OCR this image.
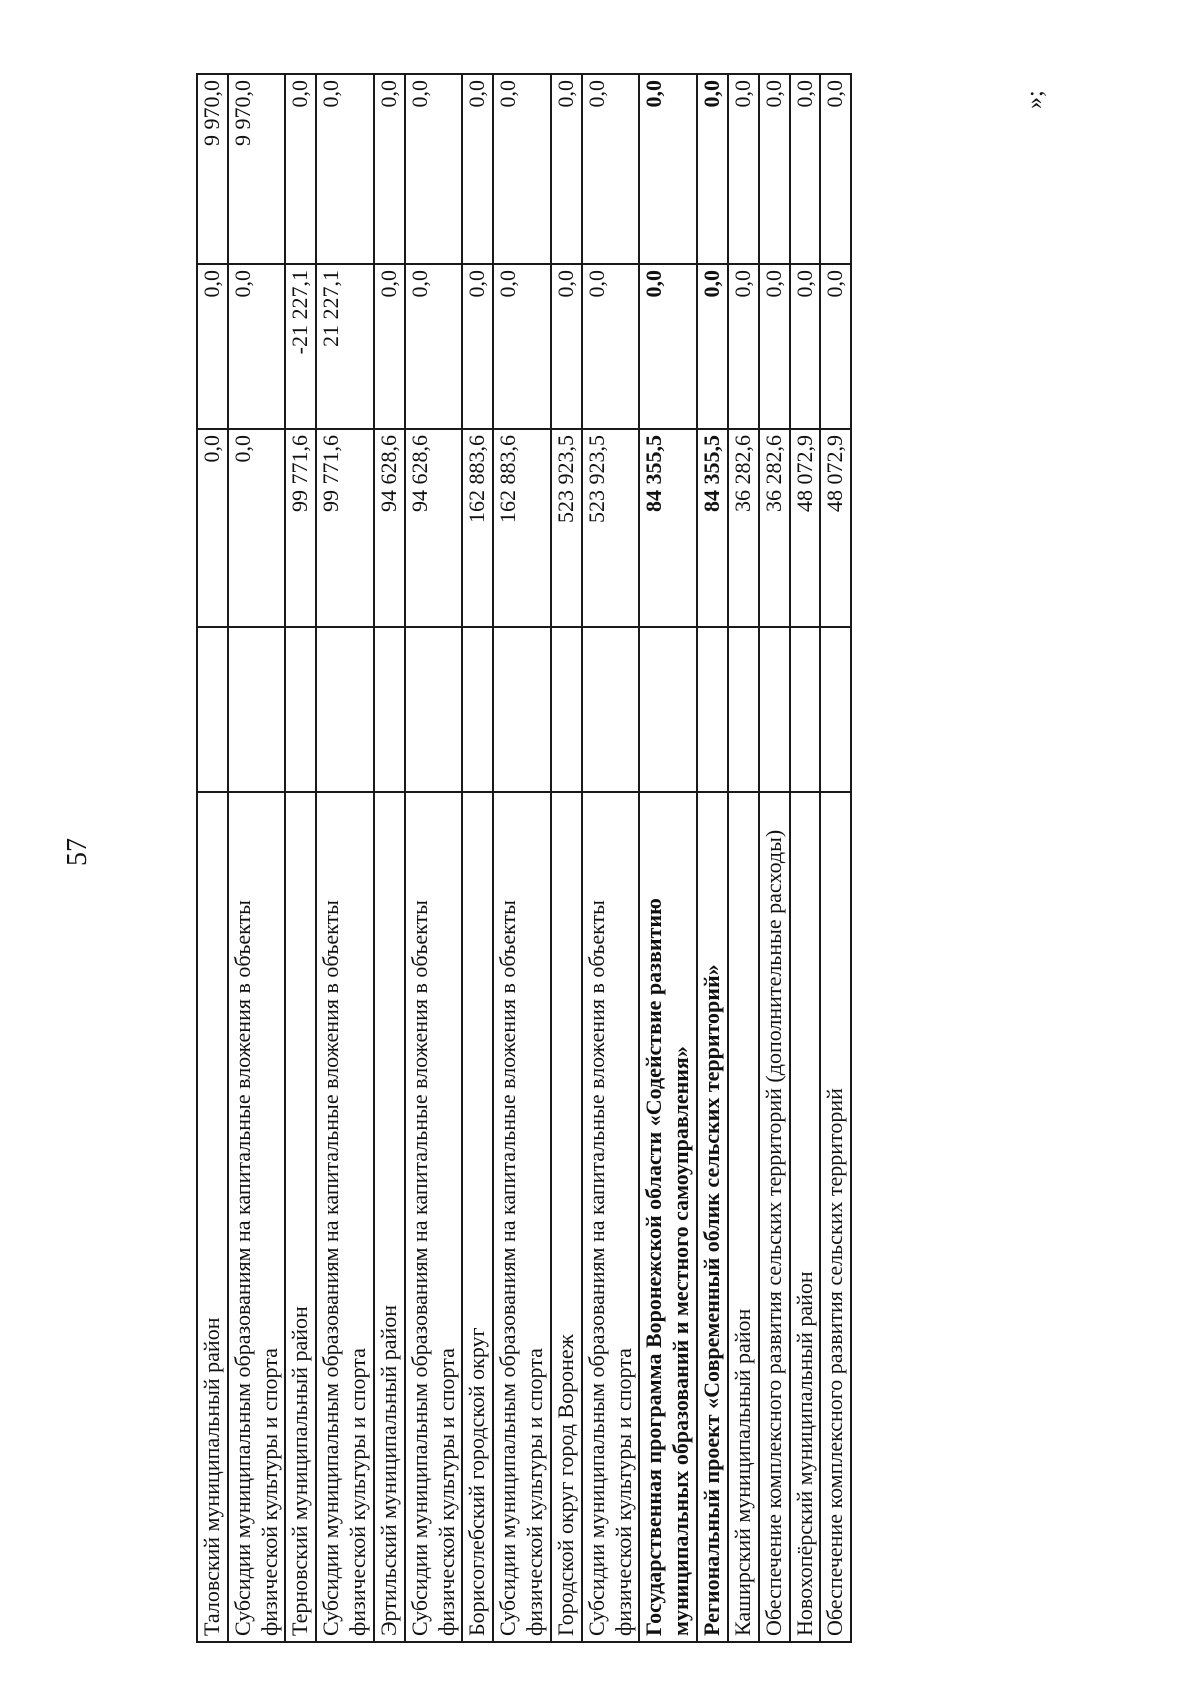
57
Таловский муниципальный район		0,0	0,0	9 970,0
Субсидии муниципальным образованиям на капитальные вложения в объекты физической культуры и спорта		0,0	0,0	9 970,0
Терновский муниципальный район		99 771,6	-21 227,1	0,0
Субсидии муниципальным образованиям на капитальные вложения в объекты физической культуры и спорта		99 771,6	21 227,1	0,0
Эртильский муниципальный район		94 628,6	0,0	0,0
Субсидии муниципальным образованиям на капитальные вложения в объекты физической культуры и спорта		94 628,6	0,0	0,0
Борисоглебский городской округ		162 883,6	0,0	0,0
Субсидии муниципальным образованиям на капитальные вложения в объекты физической культуры и спорта		162 883,6	0,0	0,0
Городской округ город Воронеж		523 923,5	0,0	0,0
Субсидии муниципальным образованиям на капитальные вложения в объекты физической культуры и спорта		523 923,5	0,0	0,0
Государственная программа Воронежской области «Содействие развитию муниципальных образований и местного самоуправления»		84 355,5	0,0	0,0
Региональный проект «Современный облик сельских территорий»		84 355,5	0,0	0,0
Каширский муниципальный район		36 282,6	0,0	0,0
Обеспечение комплексного развития сельских территорий (дополнительные расходы)		36 282,6	0,0	0,0
Новохопёрский муниципальный район		48 072,9	0,0	0,0
Обеспечение комплексного развития сельских территорий		48 072,9	0,0	0,0	»;
